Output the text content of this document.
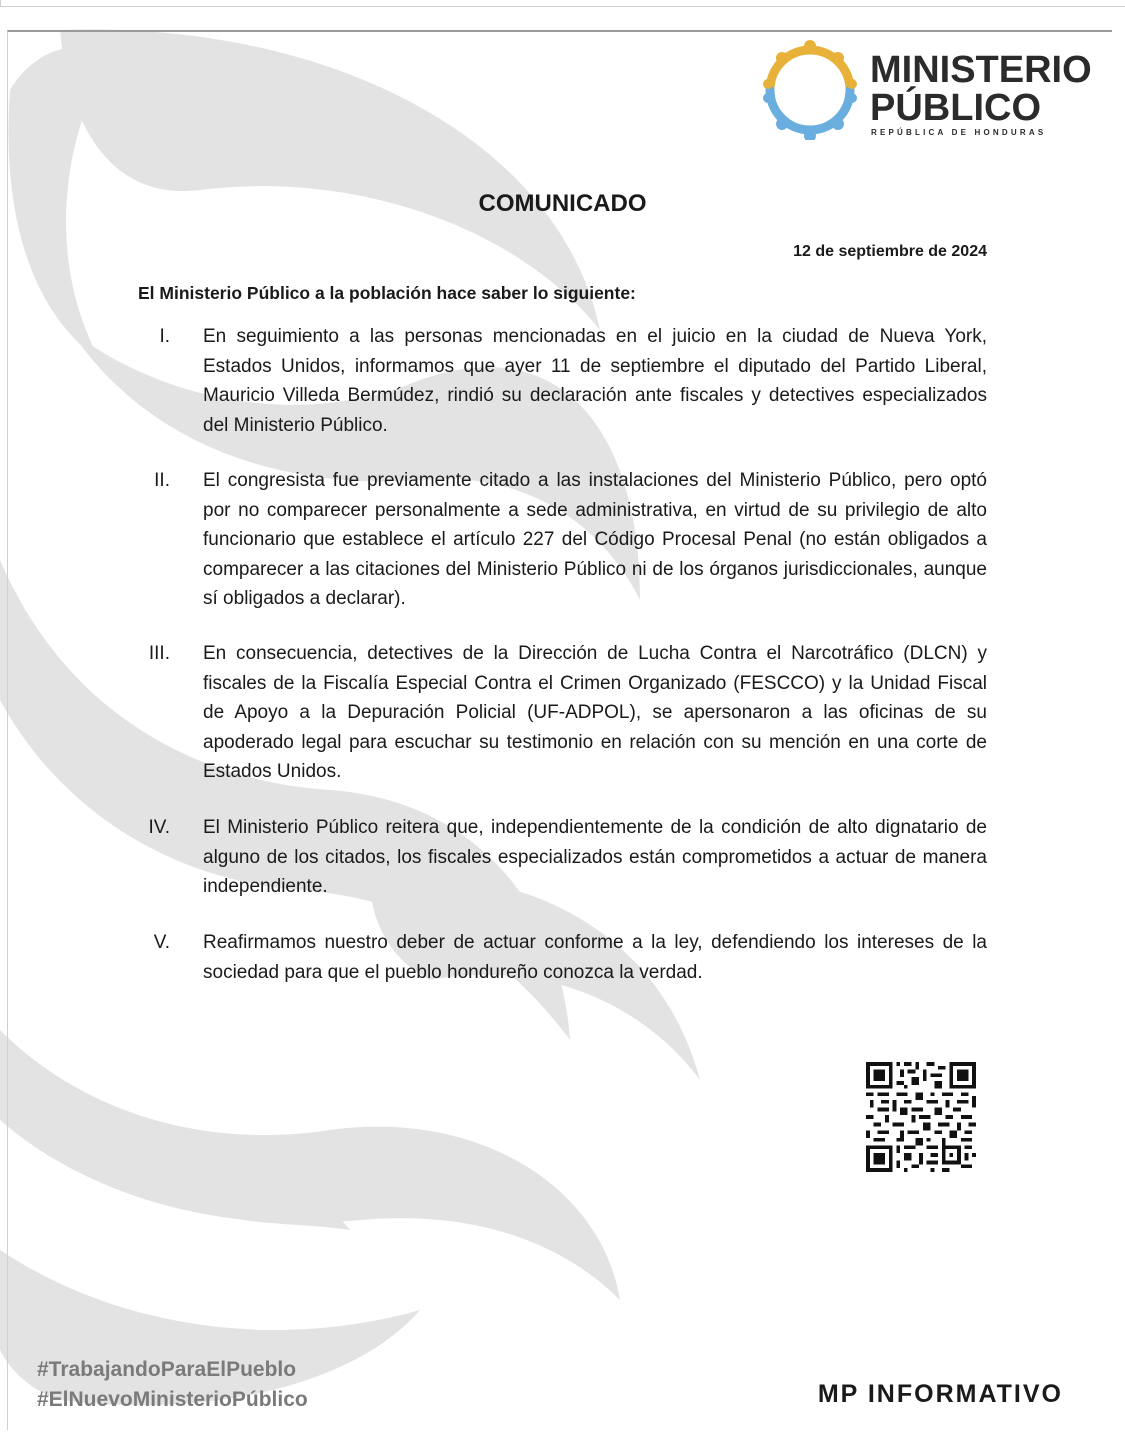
MINISTERIO
PÚBLICO
REPÚBLICA DE HONDURAS
COMUNICADO
12 de septiembre de 2024
El Ministerio Público a la población hace saber lo siguiente:
I. En seguimiento a las personas mencionadas en el juicio en la ciudad de Nueva York, Estados Unidos, informamos que ayer 11 de septiembre el diputado del Partido Liberal, Mauricio Villeda Bermúdez, rindió su declaración ante fiscales y detectives especializados del Ministerio Público.
II. El congresista fue previamente citado a las instalaciones del Ministerio Público, pero optó por no comparecer personalmente a sede administrativa, en virtud de su privilegio de alto funcionario que establece el artículo 227 del Código Procesal Penal (no están obligados a comparecer a las citaciones del Ministerio Público ni de los órganos jurisdiccionales, aunque sí obligados a declarar).
III. En consecuencia, detectives de la Dirección de Lucha Contra el Narcotráfico (DLCN) y fiscales de la Fiscalía Especial Contra el Crimen Organizado (FESCCO) y la Unidad Fiscal de Apoyo a la Depuración Policial (UF-ADPOL), se apersonaron a las oficinas de su apoderado legal para escuchar su testimonio en relación con su mención en una corte de Estados Unidos.
IV. El Ministerio Público reitera que, independientemente de la condición de alto dignatario de alguno de los citados, los fiscales especializados están comprometidos a actuar de manera independiente.
V. Reafirmamos nuestro deber de actuar conforme a la ley, defendiendo los intereses de la sociedad para que el pueblo hondureño conozca la verdad.
#TrabajandoParaElPueblo
#ElNuevoMinisterioPúblico	MP INFORMATIVO
